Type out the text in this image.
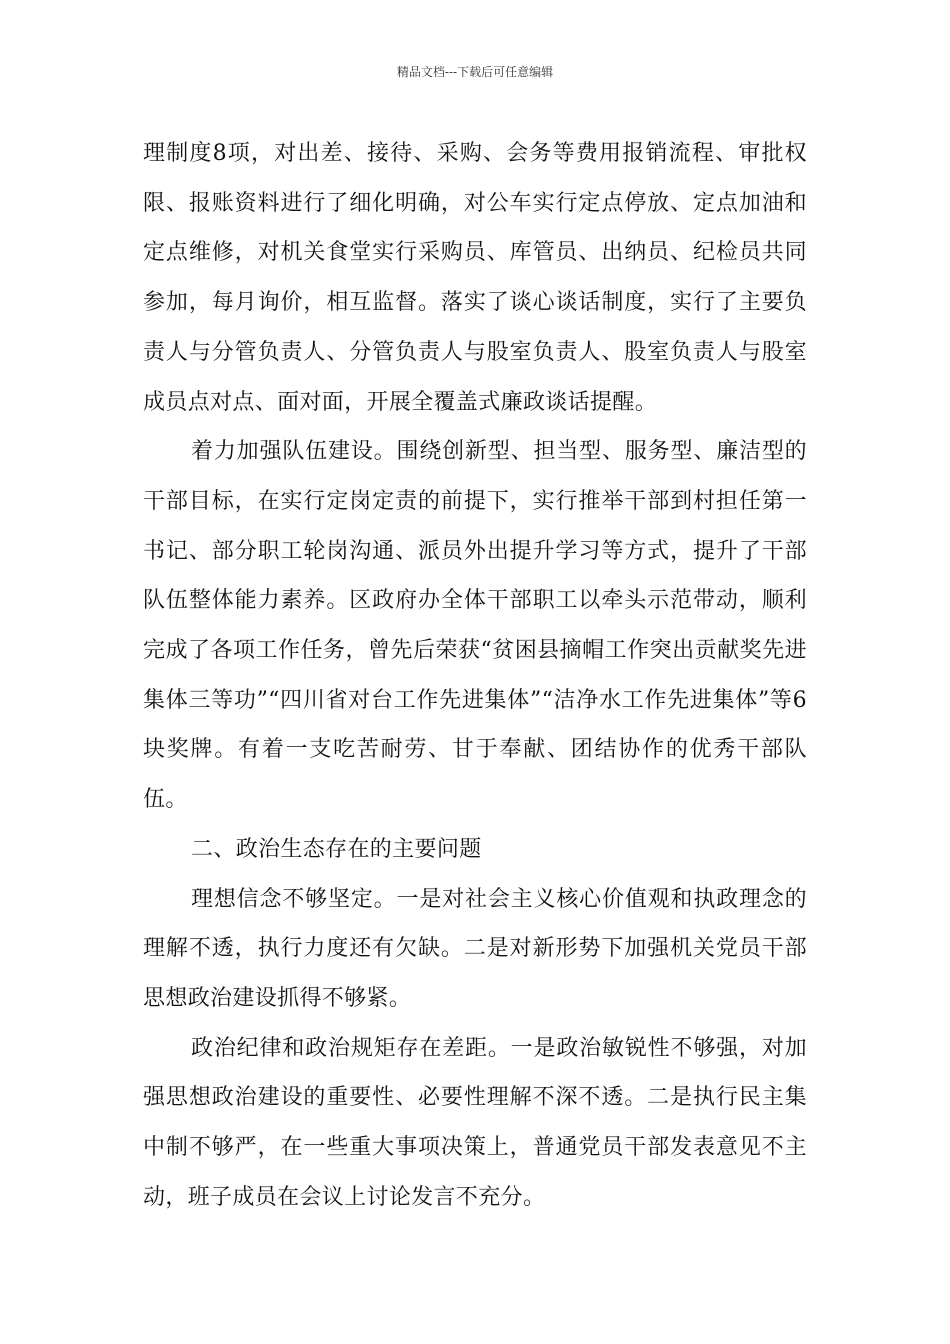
精品文档---下载后可任意编辑

理制度8项，对出差、接待、采购、会务等费用报销流程、审批权限、报账资料进行了细化明确，对公车实行定点停放、定点加油和定点维修，对机关食堂实行采购员、库管员、出纳员、纪检员共同参加，每月询价，相互监督。落实了谈心谈话制度，实行了主要负责人与分管负责人、分管负责人与股室负责人、股室负责人与股室成员点对点、面对面，开展全覆盖式廉政谈话提醒。

着力加强队伍建设。围绕创新型、担当型、服务型、廉洁型的干部目标，在实行定岗定责的前提下，实行推举干部到村担任第一书记、部分职工轮岗沟通、派员外出提升学习等方式，提升了干部队伍整体能力素养。区政府办全体干部职工以牵头示范带动，顺利完成了各项工作任务，曾先后荣获“贫困县摘帽工作突出贡献奖先进集体三等功”“四川省对台工作先进集体”“洁净水工作先进集体”等6块奖牌。有着一支吃苦耐劳、甘于奉献、团结协作的优秀干部队伍。

二、政治生态存在的主要问题

理想信念不够坚定。一是对社会主义核心价值观和执政理念的理解不透，执行力度还有欠缺。二是对新形势下加强机关党员干部思想政治建设抓得不够紧。

政治纪律和政治规矩存在差距。一是政治敏锐性不够强，对加强思想政治建设的重要性、必要性理解不深不透。二是执行民主集中制不够严，在一些重大事项决策上，普通党员干部发表意见不主动，班子成员在会议上讨论发言不充分。
